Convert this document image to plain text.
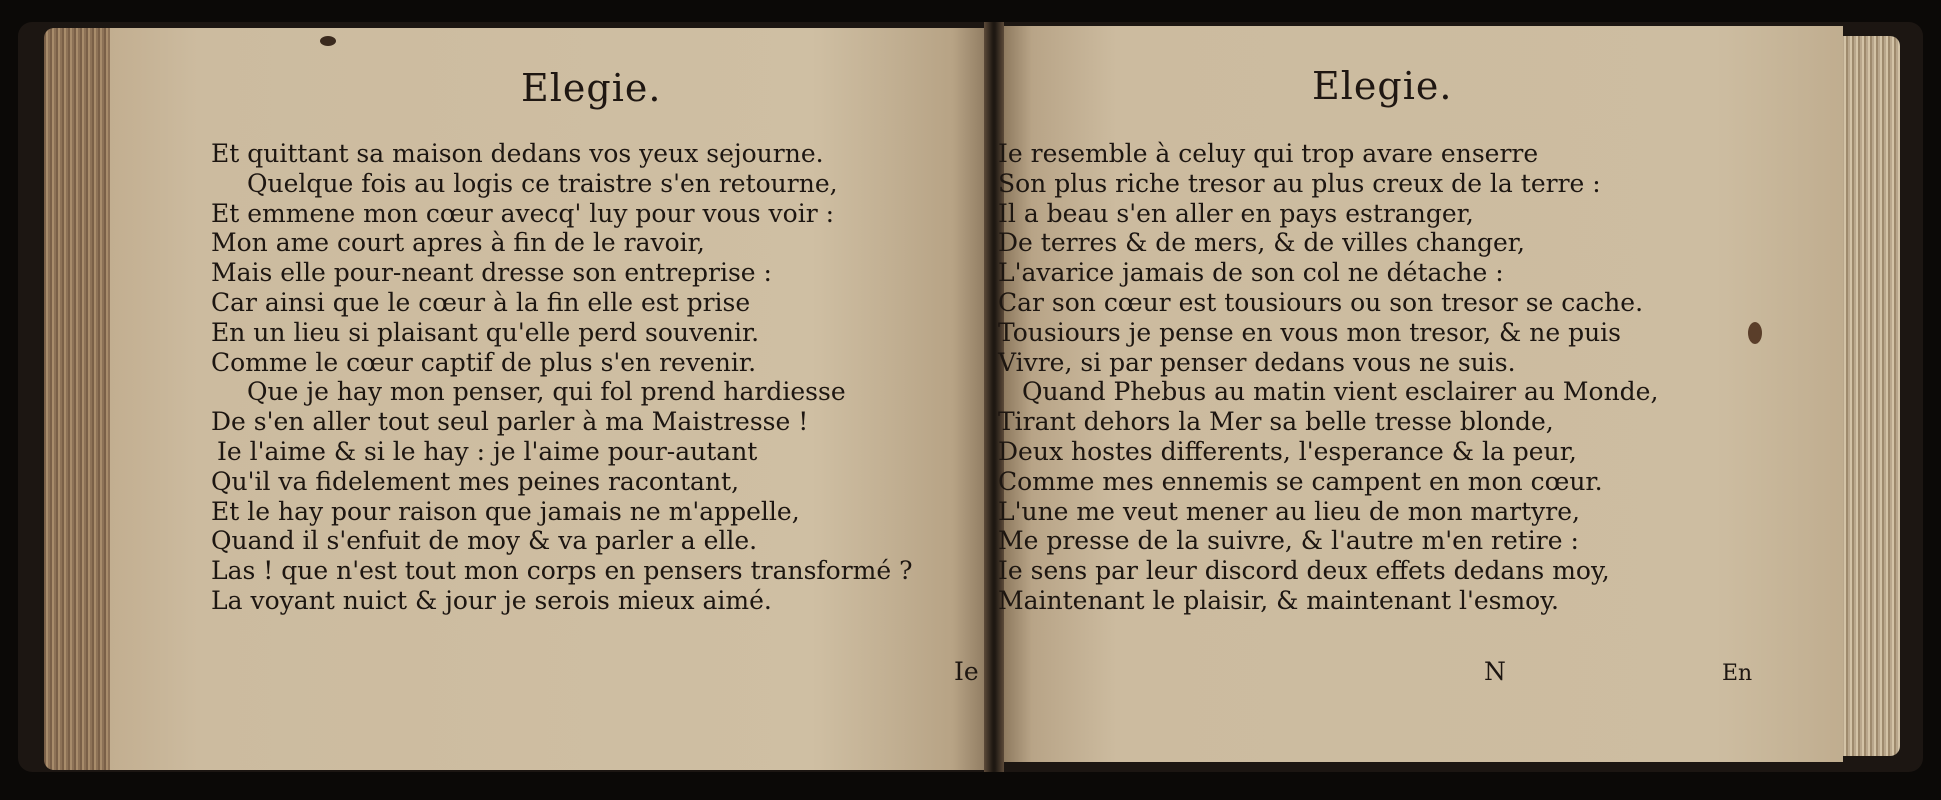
Elegie.	Elegie.
Et quittant sa maison dedans vos yeux sejourne.
Quelque fois au logis ce traistre s'en retourne,
Et emmene mon cœur avecq' luy pour vous voir :
Mon ame court apres à fin de le ravoir,
Mais elle pour-neant dresse son entreprise :
Car ainsi que le cœur à la fin elle est prise
En un lieu si plaisant qu'elle perd souvenir.
Comme le cœur captif de plus s'en revenir.
Que je hay mon penser, qui fol prend hardiesse
De s'en aller tout seul parler à ma Maistresse !
Ie l'aime & si le hay : je l'aime pour-autant
Qu'il va fidelement mes peines racontant,
Et le hay pour raison que jamais ne m'appelle,
Quand il s'enfuit de moy & va parler a elle.
Las ! que n'est tout mon corps en pensers transformé ?
La voyant nuict & jour je serois mieux aimé.
Ie
Ie resemble à celuy qui trop avare enserre
Son plus riche tresor au plus creux de la terre :
Il a beau s'en aller en pays estranger,
De terres & de mers, & de villes changer,
L'avarice jamais de son col ne détache :
Car son cœur est tousiours ou son tresor se cache.
Tousiours je pense en vous mon tresor, & ne puis
Vivre, si par penser dedans vous ne suis.
Quand Phebus au matin vient esclairer au Monde,
Tirant dehors la Mer sa belle tresse blonde,
Deux hostes differents, l'esperance & la peur,
Comme mes ennemis se campent en mon cœur.
L'une me veut mener au lieu de mon martyre,
Me presse de la suivre, & l'autre m'en retire :
Ie sens par leur discord deux effets dedans moy,
Maintenant le plaisir, & maintenant l'esmoy.
N	En
